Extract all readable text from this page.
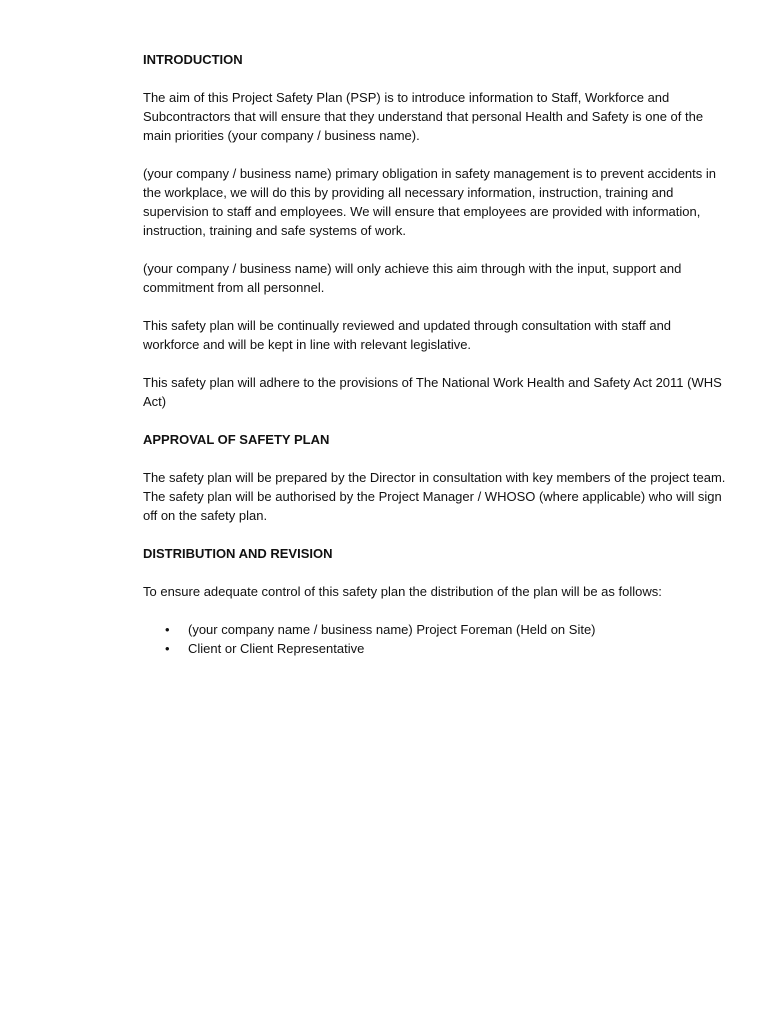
INTRODUCTION

The aim of this Project Safety Plan (PSP) is to introduce information to Staff, Workforce and Subcontractors that will ensure that they understand that personal Health and Safety is one of the main priorities (your company / business name).

(your company / business name) primary obligation in safety management is to prevent accidents in the workplace, we will do this by providing all necessary information, instruction, training and supervision to staff and employees. We will ensure that employees are provided with information, instruction, training and safe systems of work.

(your company / business name) will only achieve this aim through with the input, support and commitment from all personnel.

This safety plan will be continually reviewed and updated through consultation with staff and workforce and will be kept in line with relevant legislative.

This safety plan will adhere to the provisions of The National Work Health and Safety Act 2011 (WHS Act)

APPROVAL OF SAFETY PLAN

The safety plan will be prepared by the Director in consultation with key members of the project team. The safety plan will be authorised by the Project Manager / WHOSO (where applicable) who will sign off on the safety plan.

DISTRIBUTION AND REVISION

To ensure adequate control of this safety plan the distribution of the plan will be as follows:

• (your company name / business name) Project Foreman (Held on Site)
• Client or Client Representative
